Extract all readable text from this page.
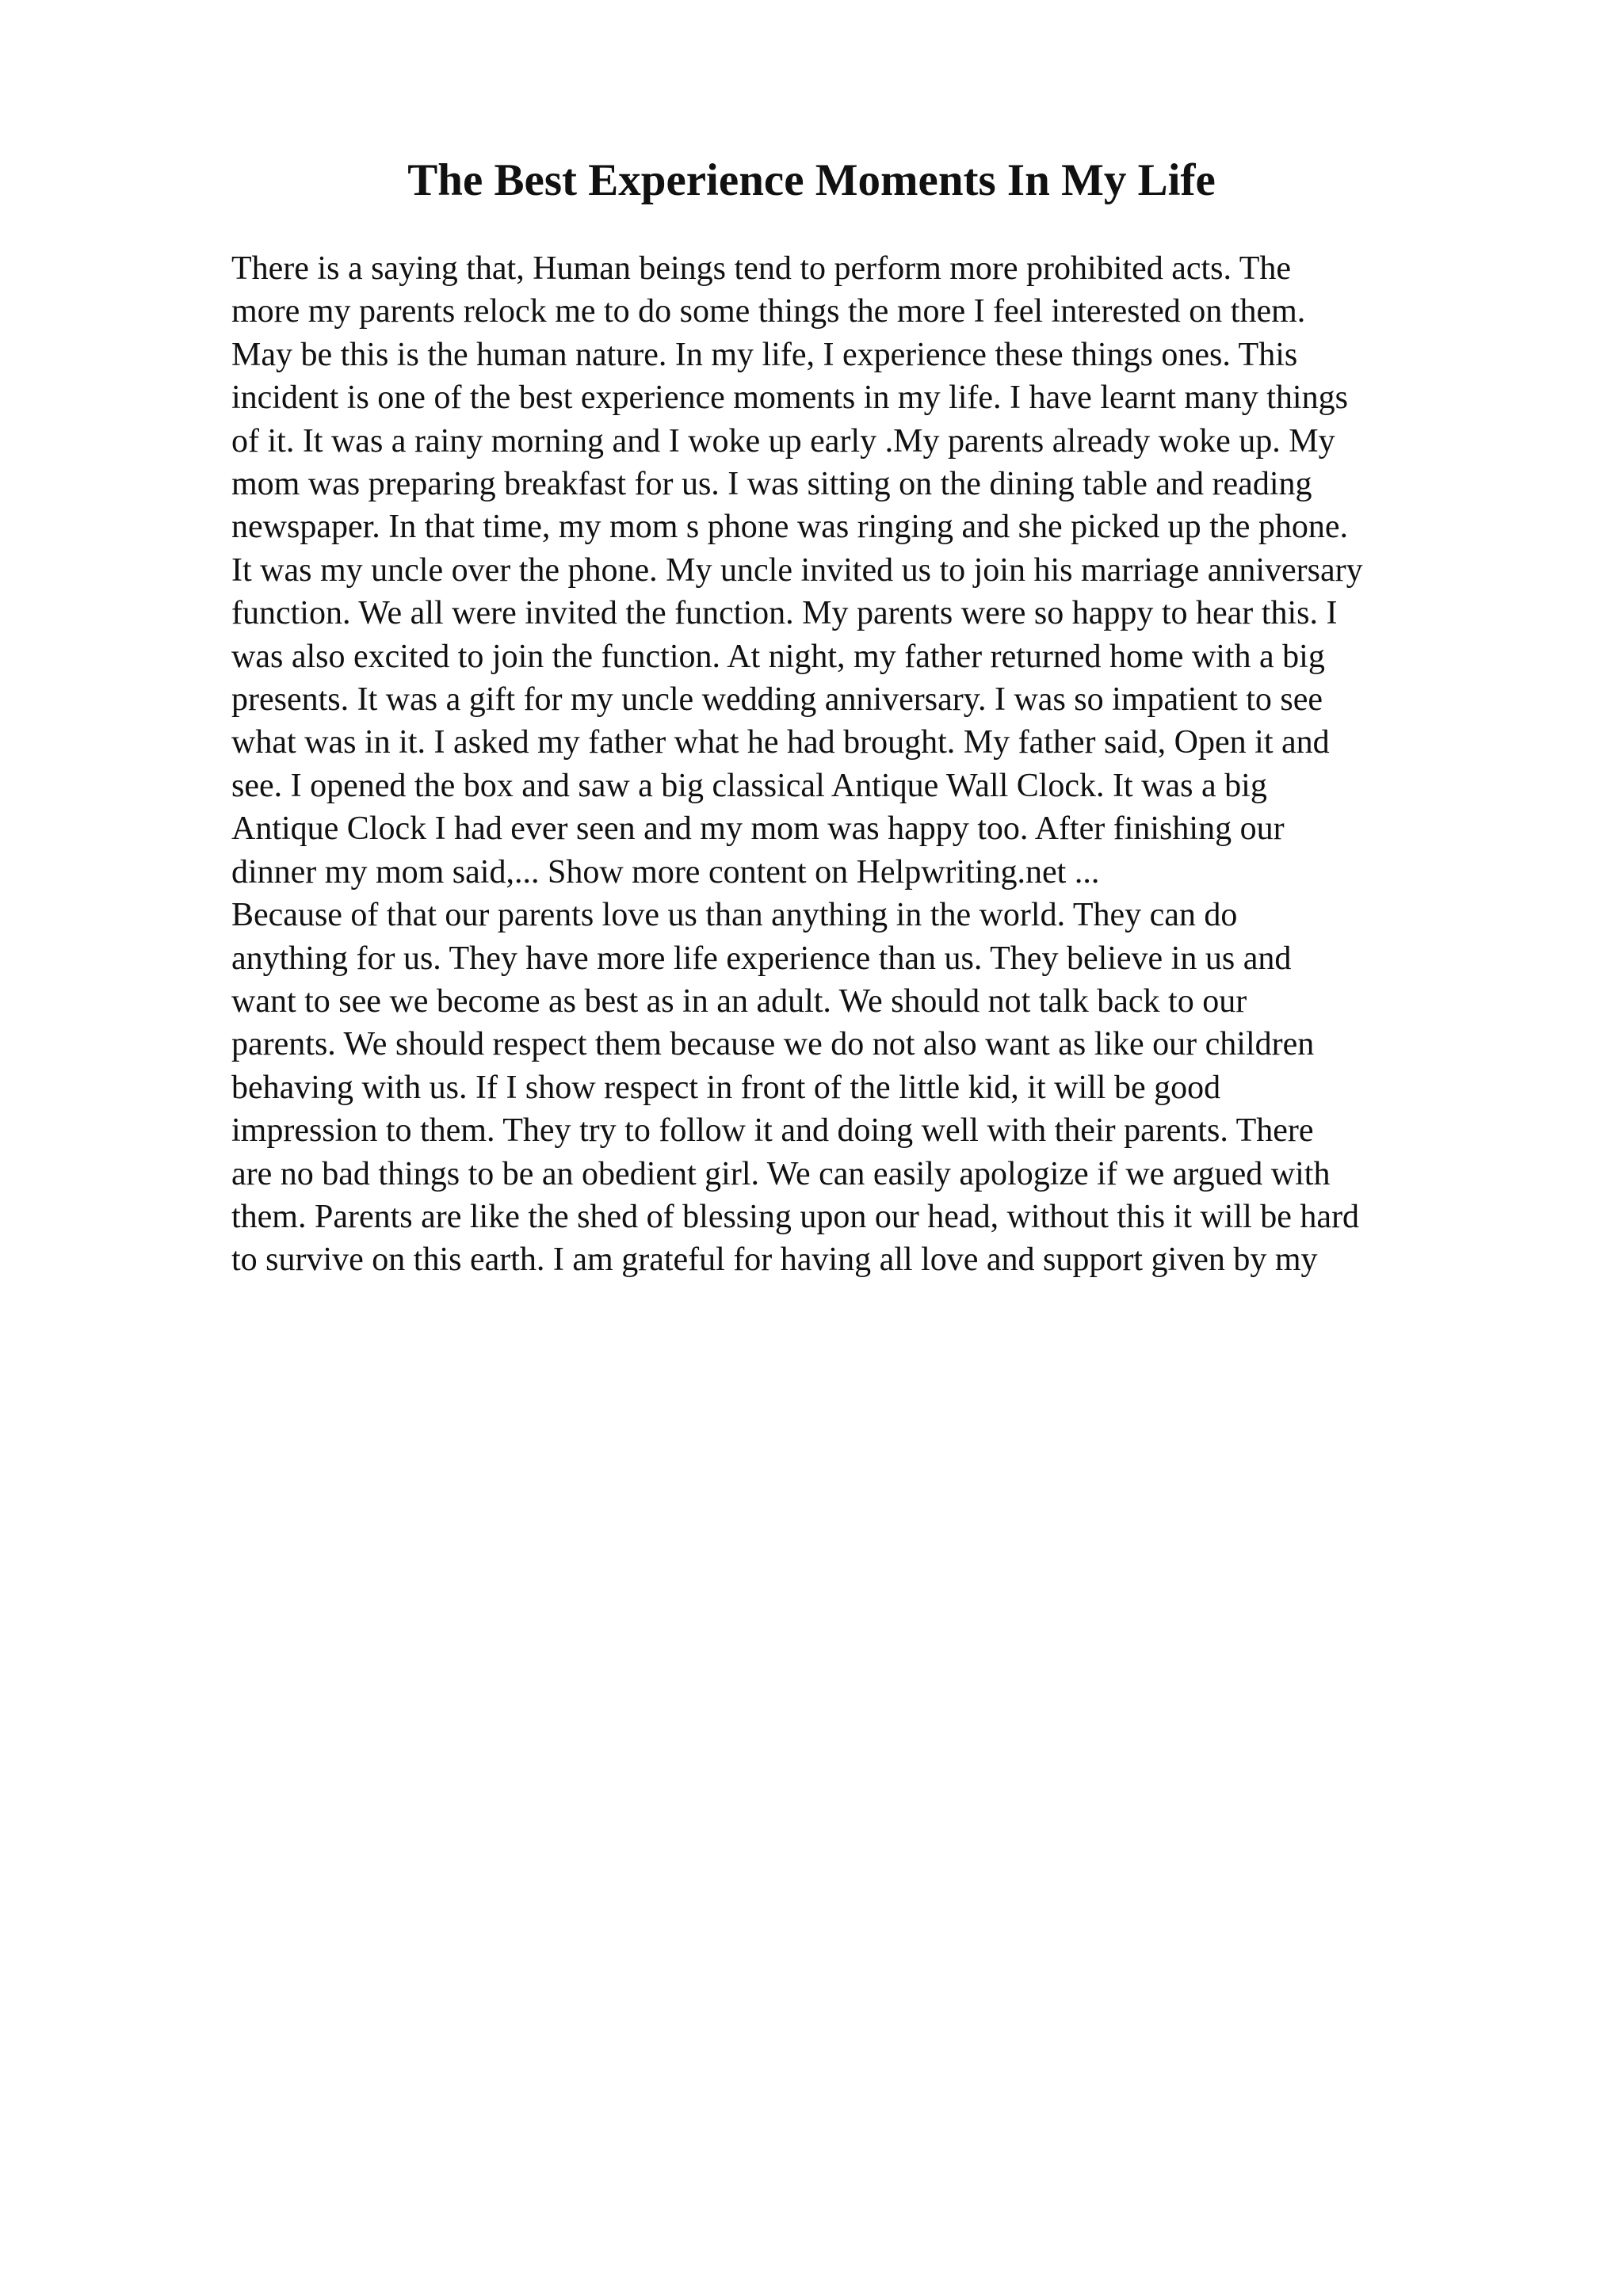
The Best Experience Moments In My Life
There is a saying that, Human beings tend to perform more prohibited acts. The
more my parents relock me to do some things the more I feel interested on them.
May be this is the human nature. In my life, I experience these things ones. This
incident is one of the best experience moments in my life. I have learnt many things
of it. It was a rainy morning and I woke up early .My parents already woke up. My
mom was preparing breakfast for us. I was sitting on the dining table and reading
newspaper. In that time, my mom s phone was ringing and she picked up the phone.
It was my uncle over the phone. My uncle invited us to join his marriage anniversary
function. We all were invited the function. My parents were so happy to hear this. I
was also excited to join the function. At night, my father returned home with a big
presents. It was a gift for my uncle wedding anniversary. I was so impatient to see
what was in it. I asked my father what he had brought. My father said, Open it and
see. I opened the box and saw a big classical Antique Wall Clock. It was a big
Antique Clock I had ever seen and my mom was happy too. After finishing our
dinner my mom said,... Show more content on Helpwriting.net ...
Because of that our parents love us than anything in the world. They can do
anything for us. They have more life experience than us. They believe in us and
want to see we become as best as in an adult. We should not talk back to our
parents. We should respect them because we do not also want as like our children
behaving with us. If I show respect in front of the little kid, it will be good
impression to them. They try to follow it and doing well with their parents. There
are no bad things to be an obedient girl. We can easily apologize if we argued with
them. Parents are like the shed of blessing upon our head, without this it will be hard
to survive on this earth. I am grateful for having all love and support given by my
